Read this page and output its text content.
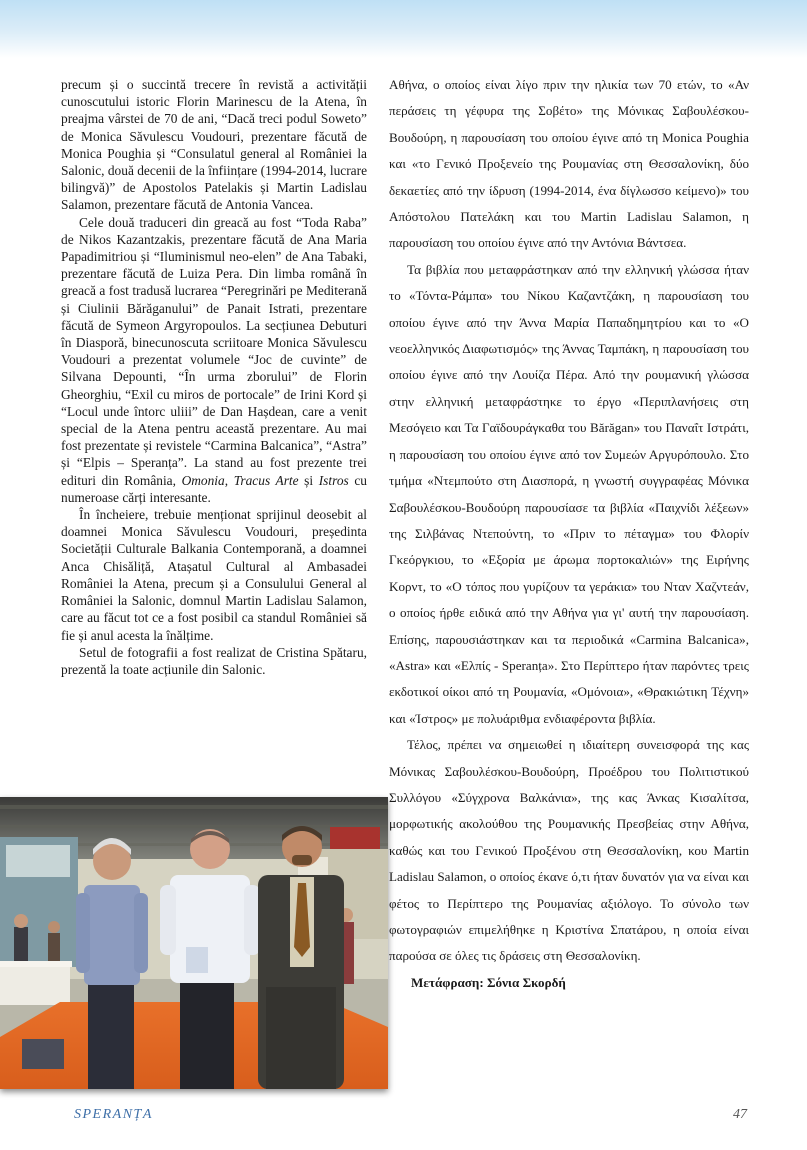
precum și o succintă trecere în revistă a activității cunoscutului istoric Florin Marinescu de la Atena, în preajma vârstei de 70 de ani, “Dacă treci podul Soweto” de Monica Săvulescu Voudouri, prezentare făcută de Monica Poughia și “Consulatul general al României la Salonic, două decenii de la înființare (1994-2014, lucrare bilingvă)” de Apostolos Patelakis și Martin Ladislau Salamon, prezentare făcută de Antonia Vancea.

Cele două traduceri din greacă au fost “Toda Raba” de Nikos Kazantzakis, prezentare făcută de Ana Maria Papadimitriou și “Iluminismul neo-elen” de Ana Tabaki, prezentare făcută de Luiza Pera. Din limba română în greacă a fost tradusă lucrarea “Peregrinări pe Mediterană și Ciulinii Bărăganului” de Panait Istrati, prezentare făcută de Symeon Argyropoulos. La secțiunea Debuturi în Diasporă, binecunoscuta scriitoare Monica Săvulescu Voudouri a prezentat volumele “Joc de cuvinte” de Silvana Depounti, “În urma zborului” de Florin Gheorghiu, “Exil cu miros de portocale” de Irini Kord și “Locul unde întorc uliii” de Dan Hașdean, care a venit special de la Atena pentru această prezentare. Au mai fost prezentate și revistele “Carmina Balcanica”, “Astra” și “Elpis – Speranța”. La stand au fost prezente trei edituri din România, Omonia, Tracus Arte și Istros cu numeroase cărți interesante.

În încheiere, trebuie menționat sprijinul deosebit al doamnei Monica Săvulescu Voudouri, președinta Societății Culturale Balkania Contemporană, a doamnei Anca Chisăliță, Atașatul Cultural al Ambasadei României la Atena, precum și a Consulului General al României la Salonic, domnul Martin Ladislau Salamon, care au făcut tot ce a fost posibil ca standul României să fie și anul acesta la înălțime.

Setul de fotografii a fost realizat de Cristina Spătaru, prezentă la toate acțiunile din Salonic.

Αθήνα, ο οποίος είναι λίγο πριν την ηλικία των 70 ετών, το «Αν περάσεις τη γέφυρα της Σοβέτο» της Μόνικας Σαβουλέσκου-Βουδούρη, η παρουσίαση του οποίου έγινε από τη Monica Poughia και «το Γενικό Προξενείο της Ρουμανίας στη Θεσσαλονίκη, δύο δεκαετίες από την ίδρυση (1994-2014, ένα δίγλωσσο κείμενο)» του Απόστολου Πατελάκη και του Martin Ladislau Salamon, η παρουσίαση του οποίου έγινε από την Αντόνια Βάντσεα.

Τα βιβλία που μεταφράστηκαν από την ελληνική γλώσσα ήταν το «Τόντα-Ράμπα» του Νίκου Καζαντζάκη, η παρουσίαση του οποίου έγινε από την Άννα Μαρία Παπαδημητρίου και το «Ο νεοελληνικός Διαφωτισμός» της Άννας Ταμπάκη, η παρουσίαση του οποίου έγινε από την Λουίζα Πέρα. Από την ρουμανική γλώσσα στην ελληνική μεταφράστηκε το έργο «Περιπλανήσεις στη Μεσόγειο και Τα Γαϊδουράγκαθα του Bărăgan» του Παναΐτ Ιστράτι, η παρουσίαση του οποίου έγινε από τον Συμεών Αργυρόπουλο. Στο τμήμα «Ντεμπούτο στη Διασπορά, η γνωστή συγγραφέας Μόνικα Σαβουλέσκου-Βουδούρη παρουσίασε τα βιβλία «Παιχνίδι λέξεων» της Σιλβάνας Ντεπούντη, το «Πριν το πέταγμα» του Φλορίν Γκεόργκιου, το «Εξορία με άρωμα πορτοκαλιών» της Ειρήνης Κορντ, το «Ο τόπος που γυρίζουν τα γεράκια» του Νταν Χαζντεάν, ο οποίος ήρθε ειδικά από την Αθήνα για γι' αυτή την παρουσίαση. Επίσης, παρουσιάστηκαν και τα περιοδικά «Carmina Balcanica», «Astra» και «Ελπίς - Speranța». Στο Περίπτερο ήταν παρόντες τρεις εκδοτικοί οίκοι από τη Ρουμανία, «Ομόνοια», «Θρακιώτικη Τέχνη» και «Ίστρος» με πολυάριθμα ενδιαφέροντα βιβλία.

Τέλος, πρέπει να σημειωθεί η ιδιαίτερη συνεισφορά της κας Μόνικας Σαβουλέσκου-Βουδούρη, Προέδρου του Πολιτιστικού Συλλόγου «Σύγχρονα Βαλκάνια», της κας Άνκας Κισαλίτσα, μορφωτικής ακολούθου της Ρουμανικής Πρεσβείας στην Αθήνα, καθώς και του Γενικού Προξένου στη Θεσσαλονίκη, κου Martin Ladislau Salamon, ο οποίος έκανε ό,τι ήταν δυνατόν για να είναι και φέτος το Περίπτερο της Ρουμανίας αξιόλογο. Το σύνολο των φωτογραφιών επιμελήθηκε η Κριστίνα Σπατάρου, η οποία είναι παρούσα σε όλες τις δράσεις στη Θεσσαλονίκη.

Μετάφραση: Σόνια Σκορδή

SPERANȚA	47
